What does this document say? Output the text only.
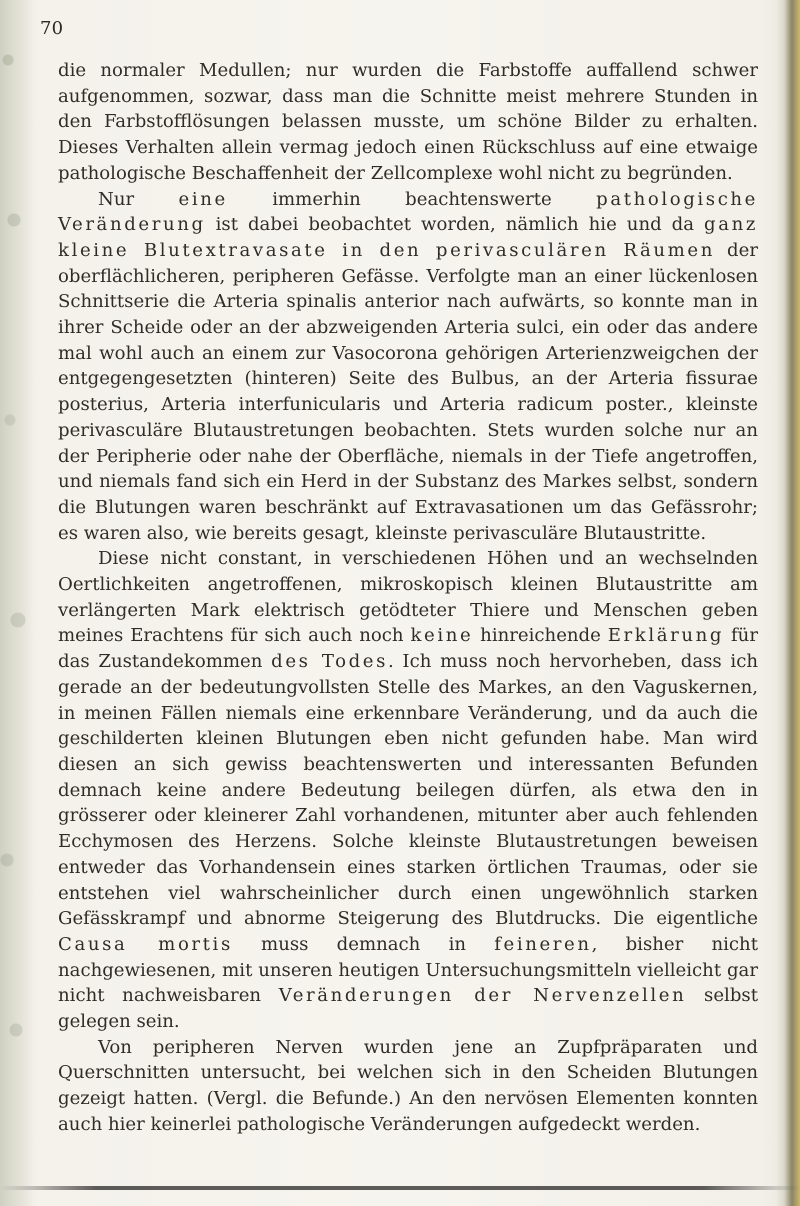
70

die normaler Medullen; nur wurden die Farbstoffe auffallend schwer aufgenommen, sozwar, dass man die Schnitte meist mehrere Stunden in den Farbstofflösungen belassen musste, um schöne Bilder zu erhalten. Dieses Verhalten allein vermag jedoch einen Rückschluss auf eine etwaige pathologische Beschaffenheit der Zellcomplexe wohl nicht zu begründen.

Nur eine immerhin beachtenswerte pathologische Veränderung ist dabei beobachtet worden, nämlich hie und da ganz kleine Blutextravasate in den perivasculären Räumen der oberflächlicheren, peripheren Gefässe. Verfolgte man an einer lückenlosen Schnittserie die Arteria spinalis anterior nach aufwärts, so konnte man in ihrer Scheide oder an der abzweigenden Arteria sulci, ein oder das andere mal wohl auch an einem zur Vasocorona gehörigen Arterienzweigchen der entgegengesetzten (hinteren) Seite des Bulbus, an der Arteria fissurae posterius, Arteria interfunicularis und Arteria radicum poster., kleinste perivasculäre Blutaustretungen beobachten. Stets wurden solche nur an der Peripherie oder nahe der Oberfläche, niemals in der Tiefe angetroffen, und niemals fand sich ein Herd in der Substanz des Markes selbst, sondern die Blutungen waren beschränkt auf Extravasationen um das Gefässrohr; es waren also, wie bereits gesagt, kleinste perivasculäre Blutaustritte.

Diese nicht constant, in verschiedenen Höhen und an wechselnden Oertlichkeiten angetroffenen, mikroskopisch kleinen Blutaustritte am verlängerten Mark elektrisch getödteter Thiere und Menschen geben meines Erachtens für sich auch noch keine hinreichende Erklärung für das Zustandekommen des Todes. Ich muss noch hervorheben, dass ich gerade an der bedeutungvollsten Stelle des Markes, an den Vaguskernen, in meinen Fällen niemals eine erkennbare Veränderung, und da auch die geschilderten kleinen Blutungen eben nicht gefunden habe. Man wird diesen an sich gewiss beachtenswerten und interessanten Befunden demnach keine andere Bedeutung beilegen dürfen, als etwa den in grösserer oder kleinerer Zahl vorhandenen, mitunter aber auch fehlenden Ecchymosen des Herzens. Solche kleinste Blutaustretungen beweisen entweder das Vorhandensein eines starken örtlichen Traumas, oder sie entstehen viel wahrscheinlicher durch einen ungewöhnlich starken Gefässkrampf und abnorme Steigerung des Blutdrucks. Die eigentliche Causa mortis muss demnach in feineren, bisher nicht nachgewiesenen, mit unseren heutigen Untersuchungsmitteln vielleicht gar nicht nachweisbaren Veränderungen der Nervenzellen selbst gelegen sein.

Von peripheren Nerven wurden jene an Zupfpräparaten und Querschnitten untersucht, bei welchen sich in den Scheiden Blutungen gezeigt hatten. (Vergl. die Befunde.) An den nervösen Elementen konnten auch hier keinerlei pathologische Veränderungen aufgedeckt werden.
